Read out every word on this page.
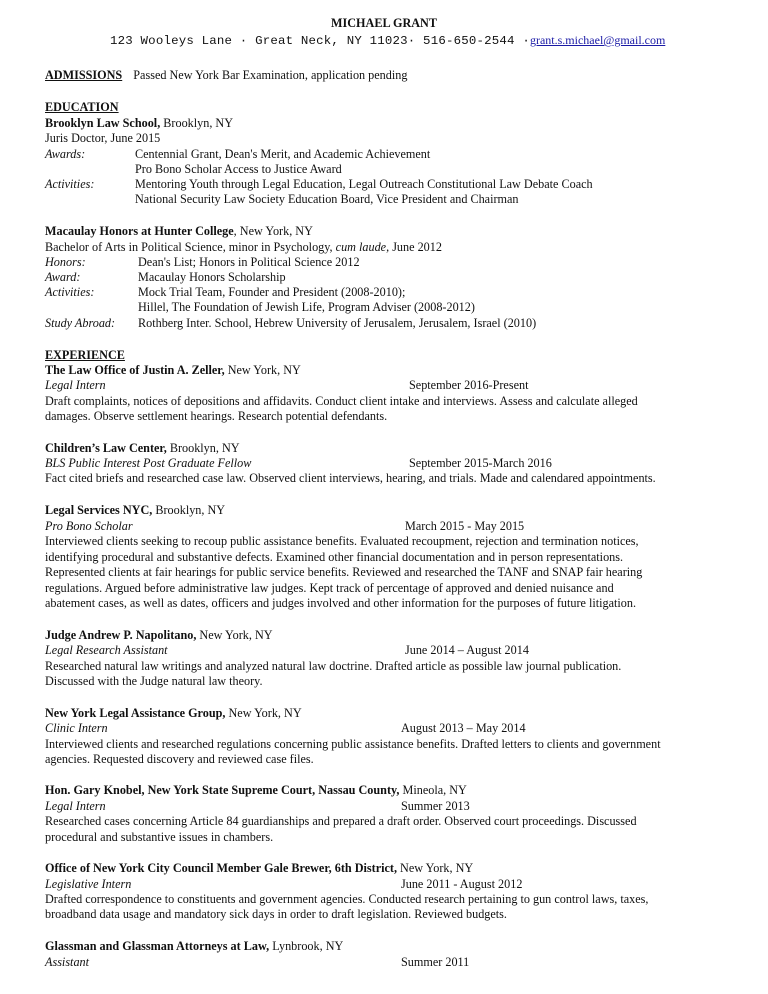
MICHAEL GRANT
123 Wooleys Lane · Great Neck, NY 11023· 516-650-2544 ·grant.s.michael@gmail.com
ADMISSIONS Passed New York Bar Examination, application pending
EDUCATION
Brooklyn Law School, Brooklyn, NY
Juris Doctor, June 2015
Awards:	Centennial Grant, Dean's Merit, and Academic Achievement
Pro Bono Scholar Access to Justice Award
Activities:	Mentoring Youth through Legal Education, Legal Outreach Constitutional Law Debate Coach
National Security Law Society Education Board, Vice President and Chairman
Macaulay Honors at Hunter College, New York, NY
Bachelor of Arts in Political Science, minor in Psychology, cum laude, June 2012
Honors:	Dean's List; Honors in Political Science 2012
Award:	Macaulay Honors Scholarship
Activities:	Mock Trial Team, Founder and President (2008-2010);
Hillel, The Foundation of Jewish Life, Program Adviser (2008-2012)
Study Abroad: Rothberg Inter. School, Hebrew University of Jerusalem, Jerusalem, Israel (2010)
EXPERIENCE
The Law Office of Justin A. Zeller, New York, NY
Legal Intern	September 2016-Present
Draft complaints, notices of depositions and affidavits. Conduct client intake and interviews. Assess and calculate alleged
damages. Observe settlement hearings. Research potential defendants.
Children’s Law Center, Brooklyn, NY
BLS Public Interest Post Graduate Fellow	September 2015-March 2016
Fact cited briefs and researched case law. Observed client interviews, hearing, and trials. Made and calendared appointments.
Legal Services NYC, Brooklyn, NY
Pro Bono Scholar	March 2015 - May 2015
Interviewed clients seeking to recoup public assistance benefits. Evaluated recoupment, rejection and termination notices,
identifying procedural and substantive defects. Examined other financial documentation and in person representations.
Represented clients at fair hearings for public service benefits. Reviewed and researched the TANF and SNAP fair hearing
regulations. Argued before administrative law judges. Kept track of percentage of approved and denied nuisance and
abatement cases, as well as dates, officers and judges involved and other information for the purposes of future litigation.
Judge Andrew P. Napolitano, New York, NY
Legal Research Assistant	June 2014 – August 2014
Researched natural law writings and analyzed natural law doctrine. Drafted article as possible law journal publication.
Discussed with the Judge natural law theory.
New York Legal Assistance Group, New York, NY
Clinic Intern	August 2013 – May 2014
Interviewed clients and researched regulations concerning public assistance benefits. Drafted letters to clients and government
agencies. Requested discovery and reviewed case files.
Hon. Gary Knobel, New York State Supreme Court, Nassau County, Mineola, NY
Legal Intern	Summer 2013
Researched cases concerning Article 84 guardianships and prepared a draft order. Observed court proceedings. Discussed
procedural and substantive issues in chambers.
Office of New York City Council Member Gale Brewer, 6th District, New York, NY
Legislative Intern	June 2011 - August 2012
Drafted correspondence to constituents and government agencies. Conducted research pertaining to gun control laws, taxes,
broadband data usage and mandatory sick days in order to draft legislation. Reviewed budgets.
Glassman and Glassman Attorneys at Law, Lynbrook, NY
Assistant	Summer 2011
